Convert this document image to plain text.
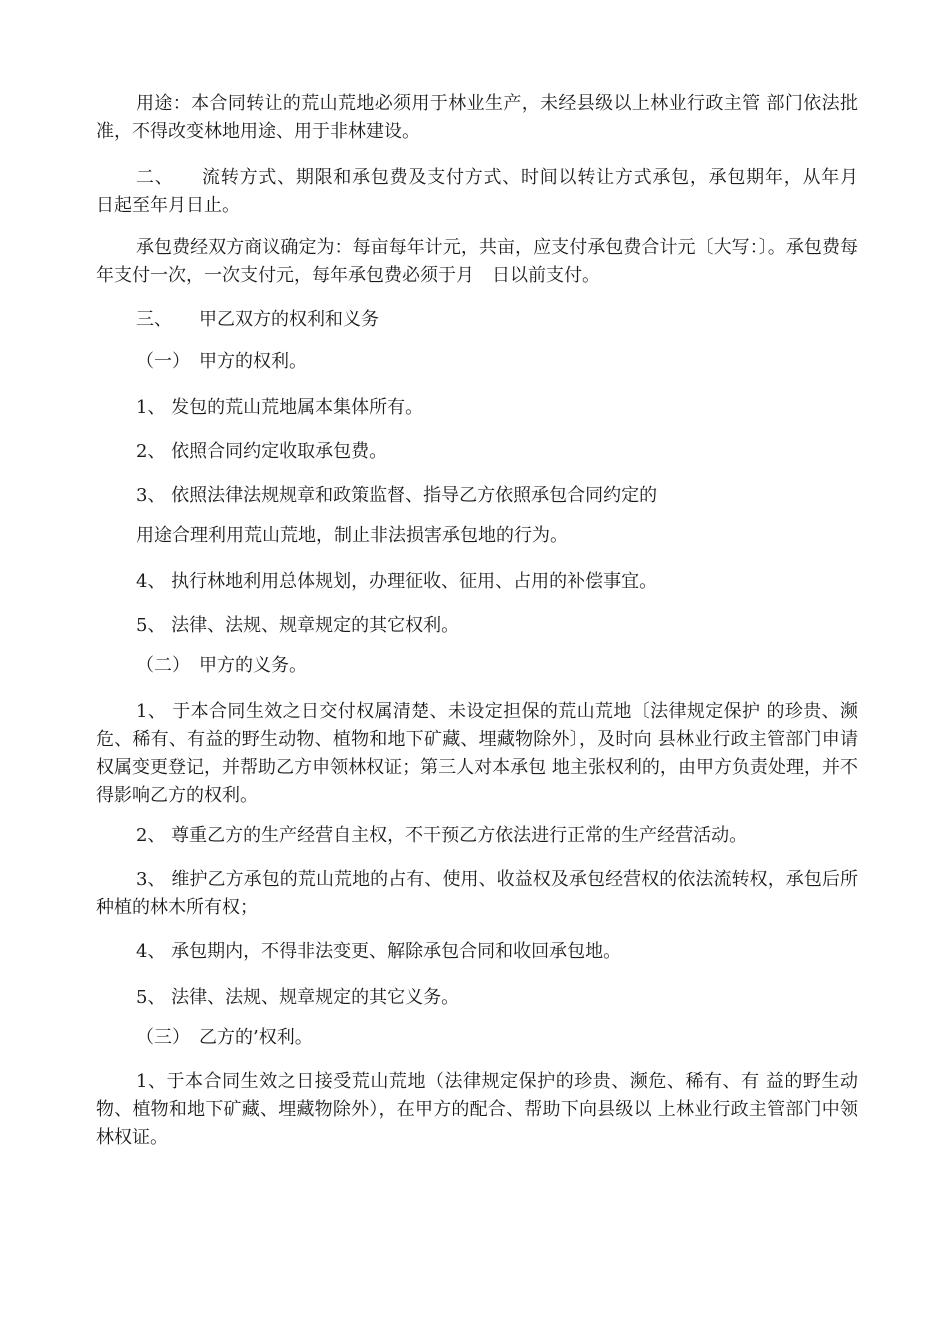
用途：本合同转让的荒山荒地必须用于林业生产，未经县级以上林业行政主管 部门依法批准，不得改变林地用途、用于非林建设。
二、　　流转方式、期限和承包费及支付方式、时间以转让方式承包，承包期年，从年月　日起至年月日止。
承包费经双方商议确定为：每亩每年计元，共亩，应支付承包费合计元〔大写：〕。承包费每年支付一次，一次支付元，每年承包费必须于月　日以前支付。
三、　　甲乙双方的权利和义务
（一）　甲方的权利。
1、 发包的荒山荒地属本集体所有。
2、 依照合同约定收取承包费。
3、 依照法律法规规章和政策监督、指导乙方依照承包合同约定的
用途合理利用荒山荒地，制止非法损害承包地的行为。
4、 执行林地利用总体规划，办理征收、征用、占用的补偿事宜。
5、 法律、法规、规章规定的其它权利。
（二）　甲方的义务。
1、 于本合同生效之日交付权属清楚、未设定担保的荒山荒地〔法律规定保护 的珍贵、濒危、稀有、有益的野生动物、植物和地下矿藏、埋藏物除外〕，及时向 县林业行政主管部门申请权属变更登记，并帮助乙方申领林权证；第三人对本承包 地主张权利的，由甲方负责处理，并不得影响乙方的权利。
2、 尊重乙方的生产经营自主权，不干预乙方依法进行正常的生产经营活动。
3、 维护乙方承包的荒山荒地的占有、使用、收益权及承包经营权的依法流转权，承包后所种植的林木所有权；
4、 承包期内，不得非法变更、解除承包合同和收回承包地。
5、 法律、法规、规章规定的其它义务。
（三）　乙方的’权利。
1、于本合同生效之日接受荒山荒地（法律规定保护的珍贵、濒危、稀有、有 益的野生动物、植物和地下矿藏、埋藏物除外），在甲方的配合、帮助下向县级以 上林业行政主管部门中领林权证。
